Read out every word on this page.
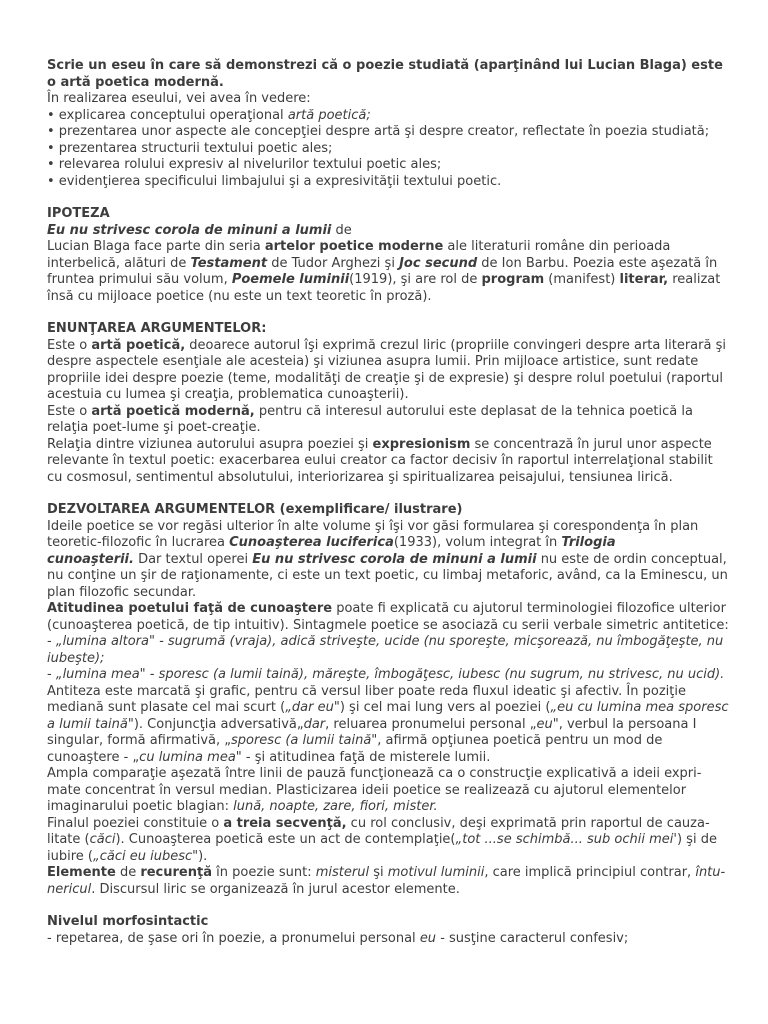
Scrie un eseu în care să demonstrezi că o poezie studiată (aparţinând lui Lucian Blaga) este o artă poetica modernă.

În realizarea eseului, vei avea în vedere:

• explicarea conceptului operaţional artă poetică;

• prezentarea unor aspecte ale concepţiei despre artă şi despre creator, reflectate în poezia studiată;

• prezentarea structurii textului poetic ales;

• relevarea rolului expresiv al nivelurilor textului poetic ales;

• evidenţierea specificului limbajului şi a expresivităţii textului poetic.

IPOTEZA

Eu nu strivesc corola de minuni a lumii de
Lucian Blaga face parte din seria artelor poetice moderne ale literaturii române din perioada interbelică, alături de Testament de Tudor Arghezi şi Joc secund de Ion Barbu. Poezia este aşezată în fruntea primului său volum, Poemele luminii(1919), şi are rol de program (manifest) literar, realizat însă cu mijloace poetice (nu este un text teoretic în proză).

ENUNŢAREA ARGUMENTELOR:

Este o artă poetică, deoarece autorul îşi exprimă crezul liric (propriile convingeri despre arta literară şi despre aspectele esenţiale ale acesteia) şi viziunea asupra lumii. Prin mijloace artistice, sunt redate propriile idei despre poezie (teme, modalităţi de creaţie şi de expresie) şi despre rolul poetului (raportul acestuia cu lumea şi creaţia, problematica cunoaşterii).

Este o artă poetică modernă, pentru că interesul autorului este deplasat de la tehnica poetică la relaţia poet-lume şi poet-creaţie.

Relaţia dintre viziunea autorului asupra poeziei şi expresionism se concentrază în jurul unor aspecte relevante în textul poetic: exacerbarea eului creator ca factor decisiv în raportul interrelaţional stabilit cu cosmosul, sentimentul absolutului, interiorizarea şi spiritualizarea peisajului, tensiunea lirică.

DEZVOLTAREA ARGUMENTELOR (exemplificare/ ilustrare)

Ideile poetice se vor regăsi ulterior în alte volume şi îşi vor găsi formularea şi corespondenţa în plan teoretic-filozofic în lucrarea Cunoaşterea luciferica(1933), volum integrat în Trilogia
cunoaşterii. Dar textul operei Eu nu strivesc corola de minuni a lumii nu este de ordin conceptual, nu conţine un şir de raţionamente, ci este un text poetic, cu limbaj metaforic, având, ca la Eminescu, un plan filozofic secundar.

Atitudinea poetului faţă de cunoaştere poate fi explicată cu ajutorul terminologiei filozofice ulterior (cunoaşterea poetică, de tip intuitiv). Sintagmele poetice se asociază cu serii verbale simetric antitetice:

- „lumina altora" - sugrumă (vraja), adică striveşte, ucide (nu sporeşte, micşorează, nu îmbogăţeşte, nu iubeşte);

- „lumina mea" - sporesc (a lumii taină), măreşte, îmbogăţesc, iubesc (nu sugrum, nu strivesc, nu ucid).

Antiteza este marcată şi grafic, pentru că versul liber poate reda fluxul ideatic şi afectiv. În poziţie mediană sunt plasate cel mai scurt („dar eu") şi cel mai lung vers al poeziei („eu cu lumina mea sporesc a lumii taină"). Conjuncţia adversativă„dar, reluarea pronumelui personal „eu", verbul la persoana I singular, formă afirmativă, „sporesc (a lumii taină", afirmă opţiunea poetică pentru un mod de cunoaştere - „cu lumina mea" - şi atitudinea faţă de misterele lumii.

Ampla comparaţie aşezată între linii de pauză funcţionează ca o construcţie explicativă a ideii expri- mate concentrat în versul median. Plasticizarea ideii poetice se realizează cu ajutorul elementelor imaginarului poetic blagian: lună, noapte, zare, fiori, mister.

Finalul poeziei constituie o a treia secvenţă, cu rol conclusiv, deşi exprimată prin raportul de cauza- litate (căci). Cunoaşterea poetică este un act de contemplaţie(„tot ...se schimbă... sub ochii mei') şi de iubire („căci eu iubesc").

Elemente de recurenţă în poezie sunt: misterul şi motivul luminii, care implică principiul contrar, întu- nericul. Discursul liric se organizează în jurul acestor elemente.

Nivelul morfosintactic

- repetarea, de şase ori în poezie, a pronumelui personal eu - susţine caracterul confesiv;
